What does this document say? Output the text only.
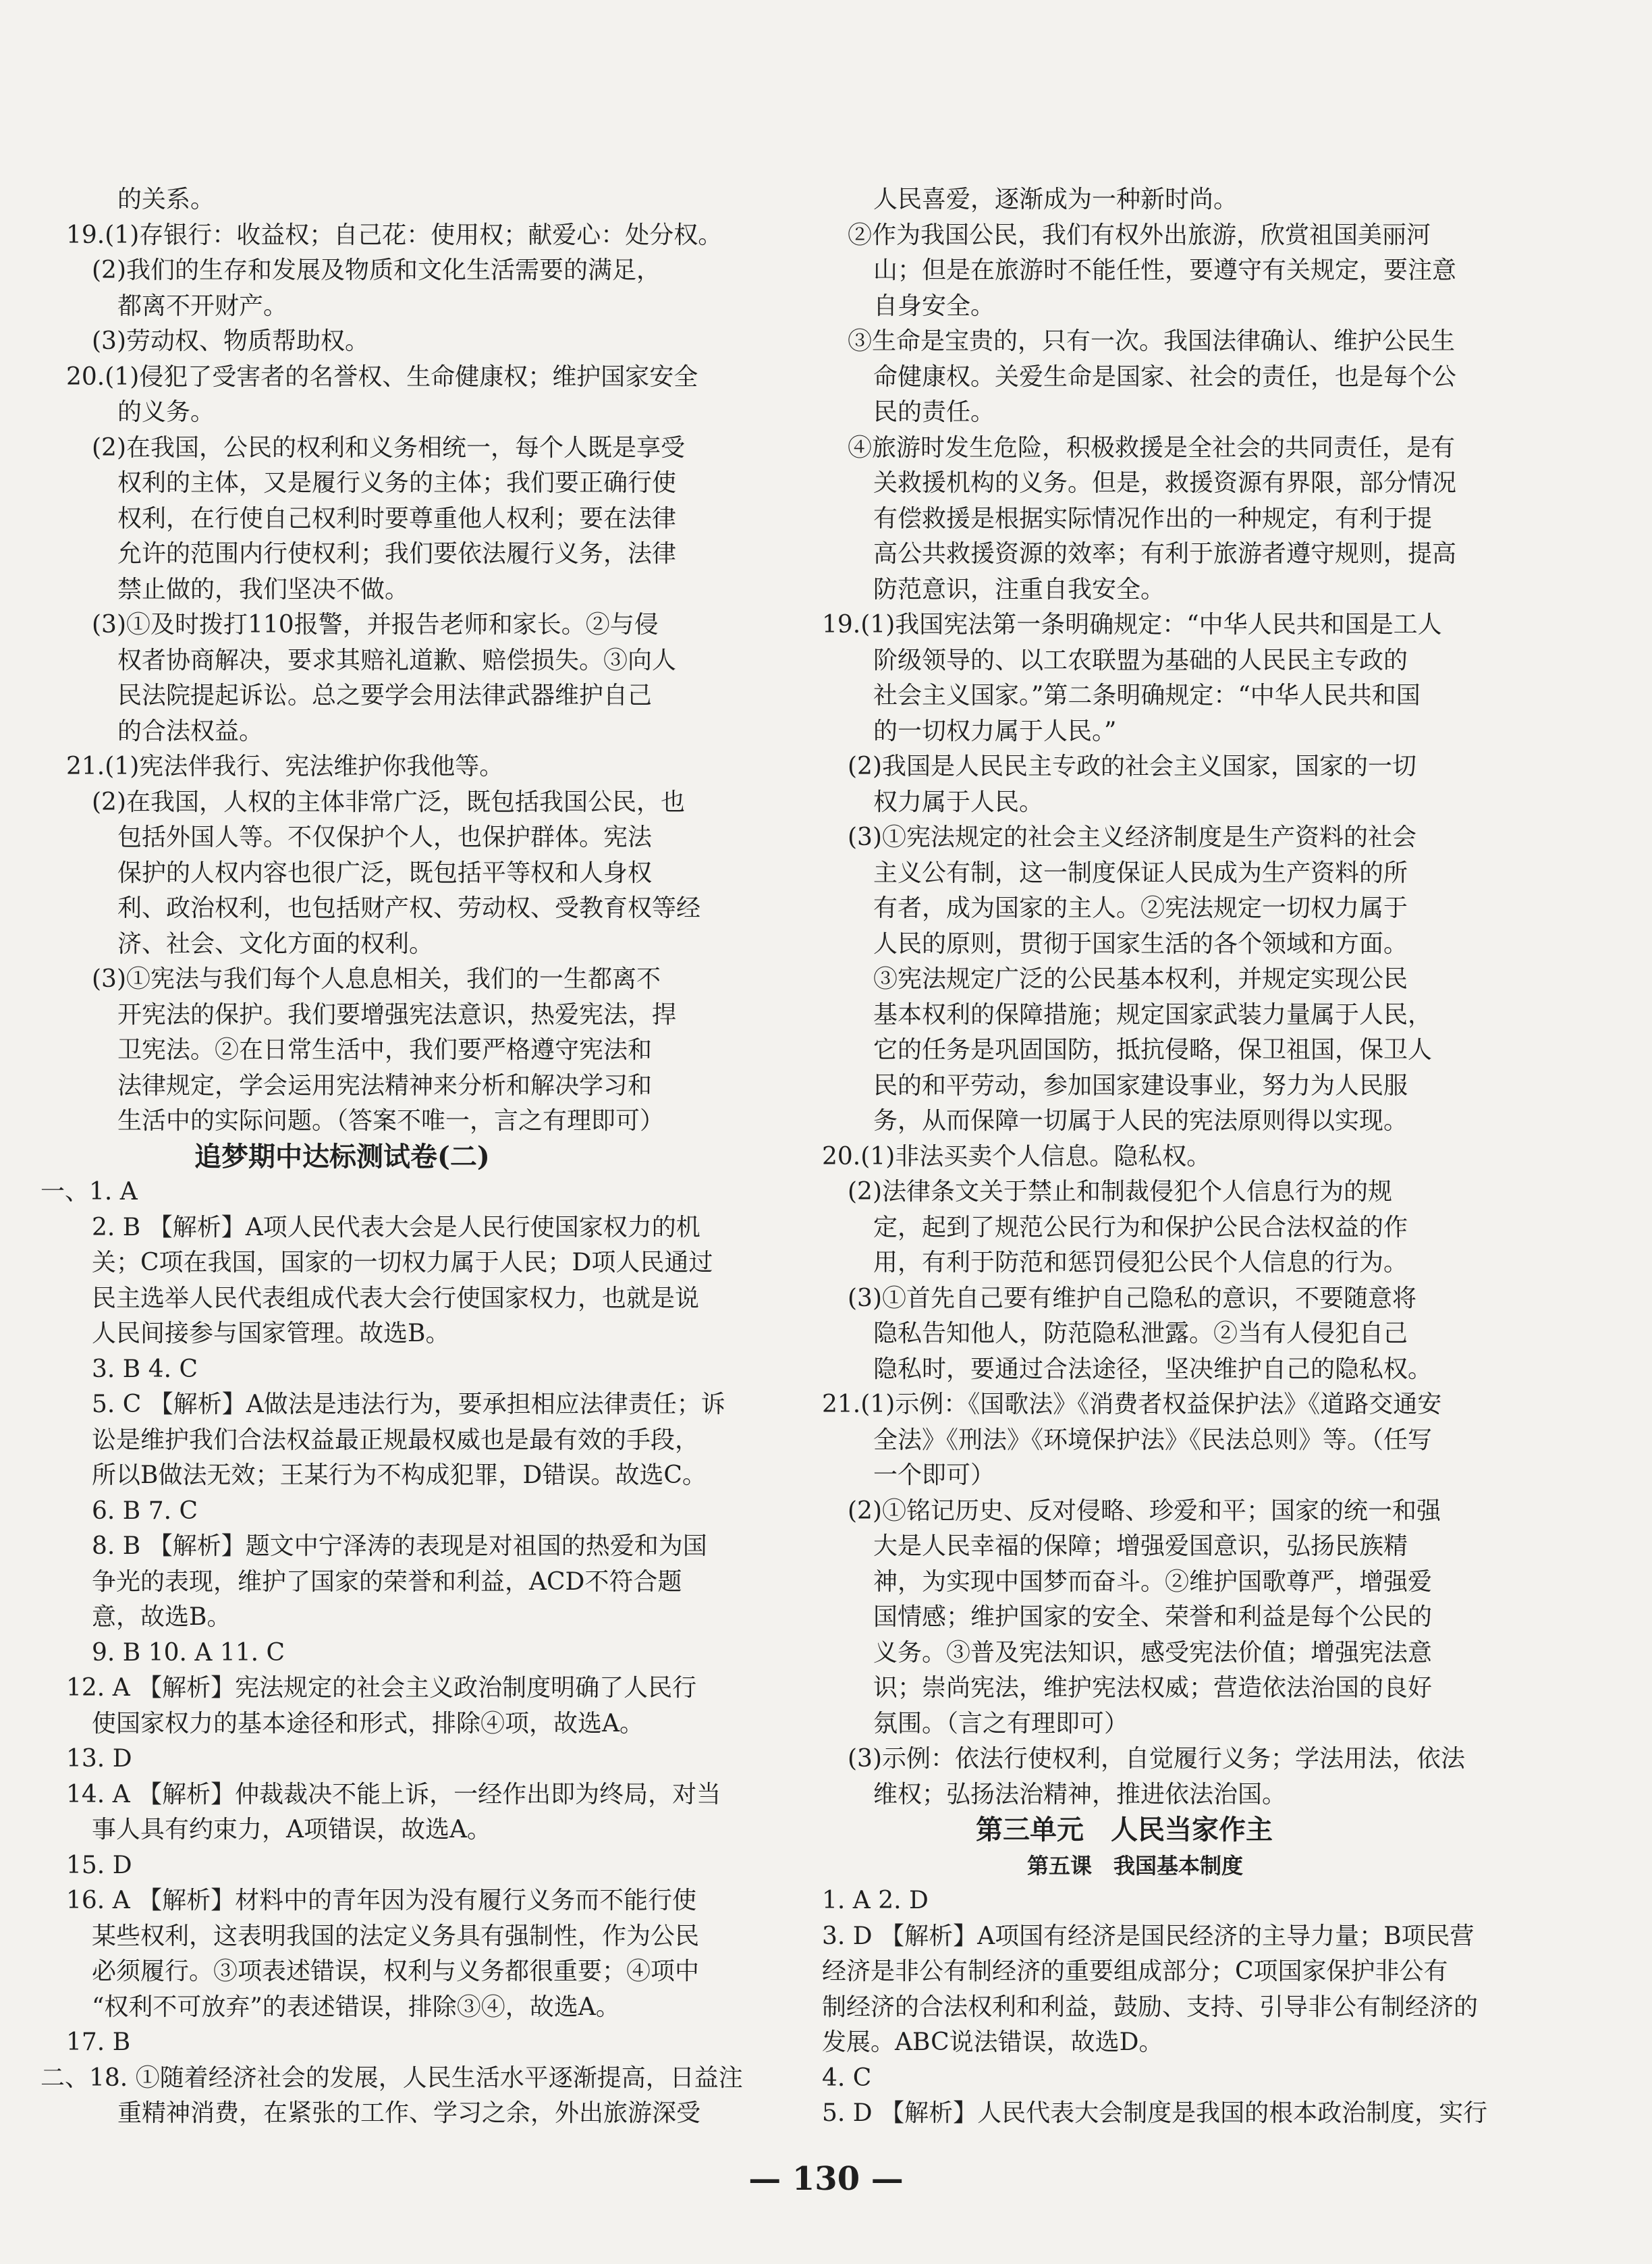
的关系。
19.(1)存银行：收益权；自己花：使用权；献爱心：处分权。
(2)我们的生存和发展及物质和文化生活需要的满足，
都离不开财产。
(3)劳动权、物质帮助权。
20.(1)侵犯了受害者的名誉权、生命健康权；维护国家安全
的义务。
(2)在我国，公民的权利和义务相统一，每个人既是享受
权利的主体，又是履行义务的主体；我们要正确行使
权利，在行使自己权利时要尊重他人权利；要在法律
允许的范围内行使权利；我们要依法履行义务，法律
禁止做的，我们坚决不做。
(3)①及时拨打110报警，并报告老师和家长。②与侵
权者协商解决，要求其赔礼道歉、赔偿损失。③向人
民法院提起诉讼。总之要学会用法律武器维护自己
的合法权益。
21.(1)宪法伴我行、宪法维护你我他等。
(2)在我国，人权的主体非常广泛，既包括我国公民，也
包括外国人等。不仅保护个人，也保护群体。宪法
保护的人权内容也很广泛，既包括平等权和人身权
利、政治权利，也包括财产权、劳动权、受教育权等经
济、社会、文化方面的权利。
(3)①宪法与我们每个人息息相关，我们的一生都离不
开宪法的保护。我们要增强宪法意识，热爱宪法，捍
卫宪法。②在日常生活中，我们要严格遵守宪法和
法律规定，学会运用宪法精神来分析和解决学习和
生活中的实际问题。（答案不唯一，言之有理即可）
追梦期中达标测试卷(二)
一、1. A
2. B 【解析】A项人民代表大会是人民行使国家权力的机
关；C项在我国，国家的一切权力属于人民；D项人民通过
民主选举人民代表组成代表大会行使国家权力，也就是说
人民间接参与国家管理。故选B。
3. B 4. C
5. C 【解析】A做法是违法行为，要承担相应法律责任；诉
讼是维护我们合法权益最正规最权威也是最有效的手段，
所以B做法无效；王某行为不构成犯罪，D错误。故选C。
6. B 7. C
8. B 【解析】题文中宁泽涛的表现是对祖国的热爱和为国
争光的表现，维护了国家的荣誉和利益，ACD不符合题
意，故选B。
9. B 10. A 11. C
12. A 【解析】宪法规定的社会主义政治制度明确了人民行
使国家权力的基本途径和形式，排除④项，故选A。
13. D
14. A 【解析】仲裁裁决不能上诉，一经作出即为终局，对当
事人具有约束力，A项错误，故选A。
15. D
16. A 【解析】材料中的青年因为没有履行义务而不能行使
某些权利，这表明我国的法定义务具有强制性，作为公民
必须履行。③项表述错误，权利与义务都很重要；④项中
“权利不可放弃”的表述错误，排除③④，故选A。
17. B
二、18. ①随着经济社会的发展，人民生活水平逐渐提高，日益注
重精神消费，在紧张的工作、学习之余，外出旅游深受
人民喜爱，逐渐成为一种新时尚。
②作为我国公民，我们有权外出旅游，欣赏祖国美丽河
山；但是在旅游时不能任性，要遵守有关规定，要注意
自身安全。
③生命是宝贵的，只有一次。我国法律确认、维护公民生
命健康权。关爱生命是国家、社会的责任，也是每个公
民的责任。
④旅游时发生危险，积极救援是全社会的共同责任，是有
关救援机构的义务。但是，救援资源有界限，部分情况
有偿救援是根据实际情况作出的一种规定，有利于提
高公共救援资源的效率；有利于旅游者遵守规则，提高
防范意识，注重自我安全。
19.(1)我国宪法第一条明确规定：“中华人民共和国是工人
阶级领导的、以工农联盟为基础的人民民主专政的
社会主义国家。”第二条明确规定：“中华人民共和国
的一切权力属于人民。”
(2)我国是人民民主专政的社会主义国家，国家的一切
权力属于人民。
(3)①宪法规定的社会主义经济制度是生产资料的社会
主义公有制，这一制度保证人民成为生产资料的所
有者，成为国家的主人。②宪法规定一切权力属于
人民的原则，贯彻于国家生活的各个领域和方面。
③宪法规定广泛的公民基本权利，并规定实现公民
基本权利的保障措施；规定国家武装力量属于人民，
它的任务是巩固国防，抵抗侵略，保卫祖国，保卫人
民的和平劳动，参加国家建设事业，努力为人民服
务，从而保障一切属于人民的宪法原则得以实现。
20.(1)非法买卖个人信息。隐私权。
(2)法律条文关于禁止和制裁侵犯个人信息行为的规
定，起到了规范公民行为和保护公民合法权益的作
用，有利于防范和惩罚侵犯公民个人信息的行为。
(3)①首先自己要有维护自己隐私的意识，不要随意将
隐私告知他人，防范隐私泄露。②当有人侵犯自己
隐私时，要通过合法途径，坚决维护自己的隐私权。
21.(1)示例：《国歌法》《消费者权益保护法》《道路交通安
全法》《刑法》《环境保护法》《民法总则》等。（任写
一个即可）
(2)①铭记历史、反对侵略、珍爱和平；国家的统一和强
大是人民幸福的保障；增强爱国意识，弘扬民族精
神，为实现中国梦而奋斗。②维护国歌尊严，增强爱
国情感；维护国家的安全、荣誉和利益是每个公民的
义务。③普及宪法知识，感受宪法价值；增强宪法意
识；崇尚宪法，维护宪法权威；营造依法治国的良好
氛围。（言之有理即可）
(3)示例：依法行使权利，自觉履行义务；学法用法，依法
维权；弘扬法治精神，推进依法治国。
第三单元　人民当家作主
第五课　我国基本制度
1. A 2. D
3. D 【解析】A项国有经济是国民经济的主导力量；B项民营
经济是非公有制经济的重要组成部分；C项国家保护非公有
制经济的合法权利和利益，鼓励、支持、引导非公有制经济的
发展。ABC说法错误，故选D。
4. C
5. D 【解析】人民代表大会制度是我国的根本政治制度，实行
— 130 —
